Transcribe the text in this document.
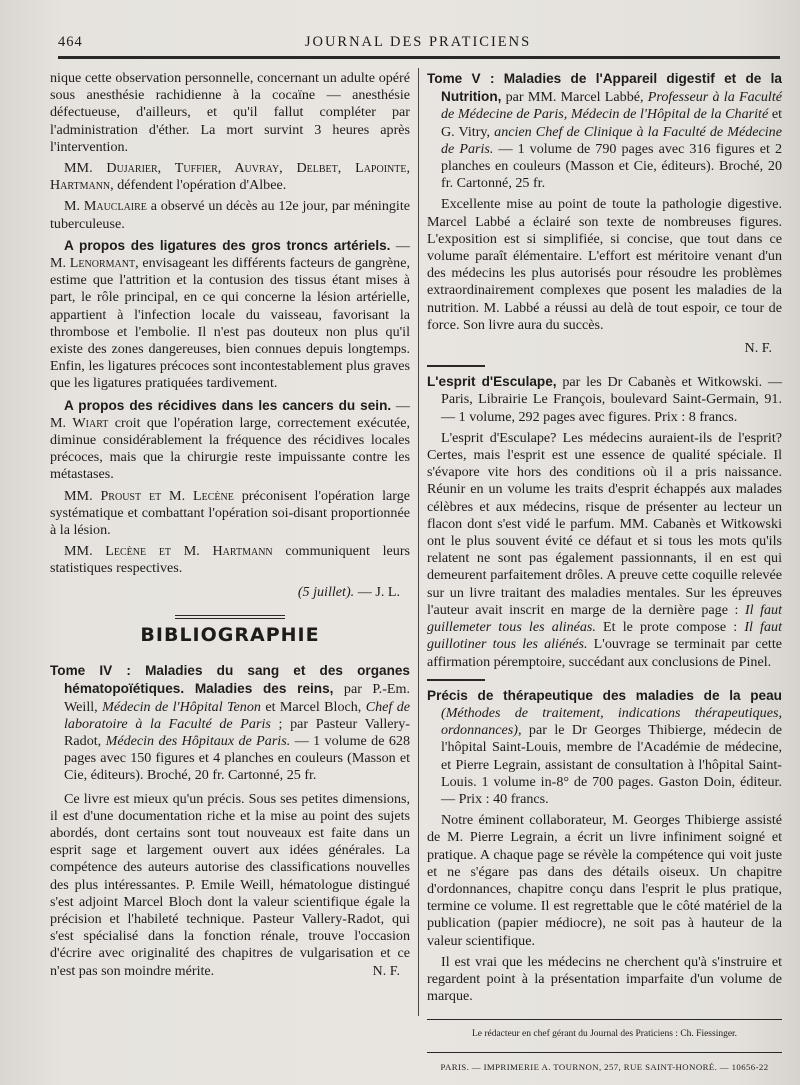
464	JOURNAL DES PRATICIENS

nique cette observation personnelle, concernant un adulte opéré sous anesthésie rachidienne à la cocaïne — anesthésie défectueuse, d'ailleurs, et qu'il fallut compléter par l'administration d'éther. La mort survint 3 heures après l'intervention.

MM. Dujarier, Tuffier, Auvray, Delbet, Lapointe, Hartmann, défendent l'opération d'Albee.

M. Mauclaire a observé un décès au 12e jour, par méningite tuberculeuse.

A propos des ligatures des gros troncs artériels. — M. Lenormant, envisageant les différents facteurs de gangrène, estime que l'attrition et la contusion des tissus étant mises à part, le rôle principal, en ce qui concerne la lésion artérielle, appartient à l'infection locale du vaisseau, favorisant la thrombose et l'embolie. Il n'est pas douteux non plus qu'il existe des zones dangereuses, bien connues depuis longtemps. Enfin, les ligatures précoces sont incontestablement plus graves que les ligatures pratiquées tardivement.

A propos des récidives dans les cancers du sein. — M. Wiart croit que l'opération large, correctement exécutée, diminue considérablement la fréquence des récidives locales précoces, mais que la chirurgie reste impuissante contre les métastases.

MM. Proust et M. Lecène préconisent l'opération large systématique et combattant l'opération soi-disant proportionnée à la lésion.

MM. Lecène et M. Hartmann communiquent leurs statistiques respectives.

(5 juillet). — J. L.

BIBLIOGRAPHIE

Tome IV : Maladies du sang et des organes hématopoïétiques. Maladies des reins, par P.-Em. Weill, Médecin de l'Hôpital Tenon et Marcel Bloch, Chef de laboratoire à la Faculté de Paris ; par Pasteur Vallery-Radot, Médecin des Hôpitaux de Paris. — 1 volume de 628 pages avec 150 figures et 4 planches en couleurs (Masson et Cie, éditeurs). Broché, 20 fr. Cartonné, 25 fr.

Ce livre est mieux qu'un précis. Sous ses petites dimensions, il est d'une documentation riche et la mise au point des sujets abordés, dont certains sont tout nouveaux est faite dans un esprit sage et largement ouvert aux idées générales. La compétence des auteurs autorise des classifications nouvelles des plus intéressantes. P. Emile Weill, hématologue distingué s'est adjoint Marcel Bloch dont la valeur scientifique égale la précision et l'habileté technique. Pasteur Vallery-Radot, qui s'est spécialisé dans la fonction rénale, trouve l'occasion d'écrire avec originalité des chapitres de vulgarisation et ce n'est pas son moindre mérite.	N. F.

Tome V : Maladies de l'Appareil digestif et de la Nutrition, par MM. Marcel Labbé, Professeur à la Faculté de Médecine de Paris, Médecin de l'Hôpital de la Charité et G. Vitry, ancien Chef de Clinique à la Faculté de Médecine de Paris. — 1 volume de 790 pages avec 316 figures et 2 planches en couleurs (Masson et Cie, éditeurs). Broché, 20 fr. Cartonné, 25 fr.

Excellente mise au point de toute la pathologie digestive. Marcel Labbé a éclairé son texte de nombreuses figures. L'exposition est si simplifiée, si concise, que tout dans ce volume paraît élémentaire. L'effort est méritoire venant d'un des médecins les plus autorisés pour résoudre les problèmes extraordinairement complexes que posent les maladies de la nutrition. M. Labbé a réussi au delà de tout espoir, ce tour de force. Son livre aura du succès.

N. F.

L'esprit d'Esculape, par les Dr Cabanès et Witkowski. — Paris, Librairie Le François, boulevard Saint-Germain, 91. — 1 volume, 292 pages avec figures. Prix : 8 francs.

L'esprit d'Esculape? Les médecins auraient-ils de l'esprit? Certes, mais l'esprit est une essence de qualité spéciale. Il s'évapore vite hors des conditions où il a pris naissance. Réunir en un volume les traits d'esprit échappés aux malades célèbres et aux médecins, risque de présenter au lecteur un flacon dont s'est vidé le parfum. MM. Cabanès et Witkowski ont le plus souvent évité ce défaut et si tous les mots qu'ils relatent ne sont pas également passionnants, il en est qui demeurent parfaitement drôles. A preuve cette coquille relevée sur un livre traitant des maladies mentales. Sur les épreuves l'auteur avait inscrit en marge de la dernière page : Il faut guillemeter tous les alinéas. Et le prote compose : Il faut guillotiner tous les aliénés. L'ouvrage se terminait par cette affirmation péremptoire, succédant aux conclusions de Pinel.

Précis de thérapeutique des maladies de la peau (Méthodes de traitement, indications thérapeutiques, ordonnances), par le Dr Georges Thibierge, médecin de l'hôpital Saint-Louis, membre de l'Académie de médecine, et Pierre Legrain, assistant de consultation à l'hôpital Saint-Louis. 1 volume in-8° de 700 pages. Gaston Doin, éditeur. — Prix : 40 francs.

Notre éminent collaborateur, M. Georges Thibierge assisté de M. Pierre Legrain, a écrit un livre infiniment soigné et pratique. A chaque page se révèle la compétence qui voit juste et ne s'égare pas dans des détails oiseux. Un chapitre d'ordonnances, chapitre conçu dans l'esprit le plus pratique, termine ce volume. Il est regrettable que le côté matériel de la publication (papier médiocre), ne soit pas à hauteur de la valeur scientifique.

Il est vrai que les médecins ne cherchent qu'à s'instruire et regardent point à la présentation imparfaite d'un volume de marque.

Le rédacteur en chef gérant du Journal des Praticiens : Ch. Fiessinger.
PARIS. — IMPRIMERIE A. TOURNON, 257, RUE SAINT-HONORÉ. — 10656-22
